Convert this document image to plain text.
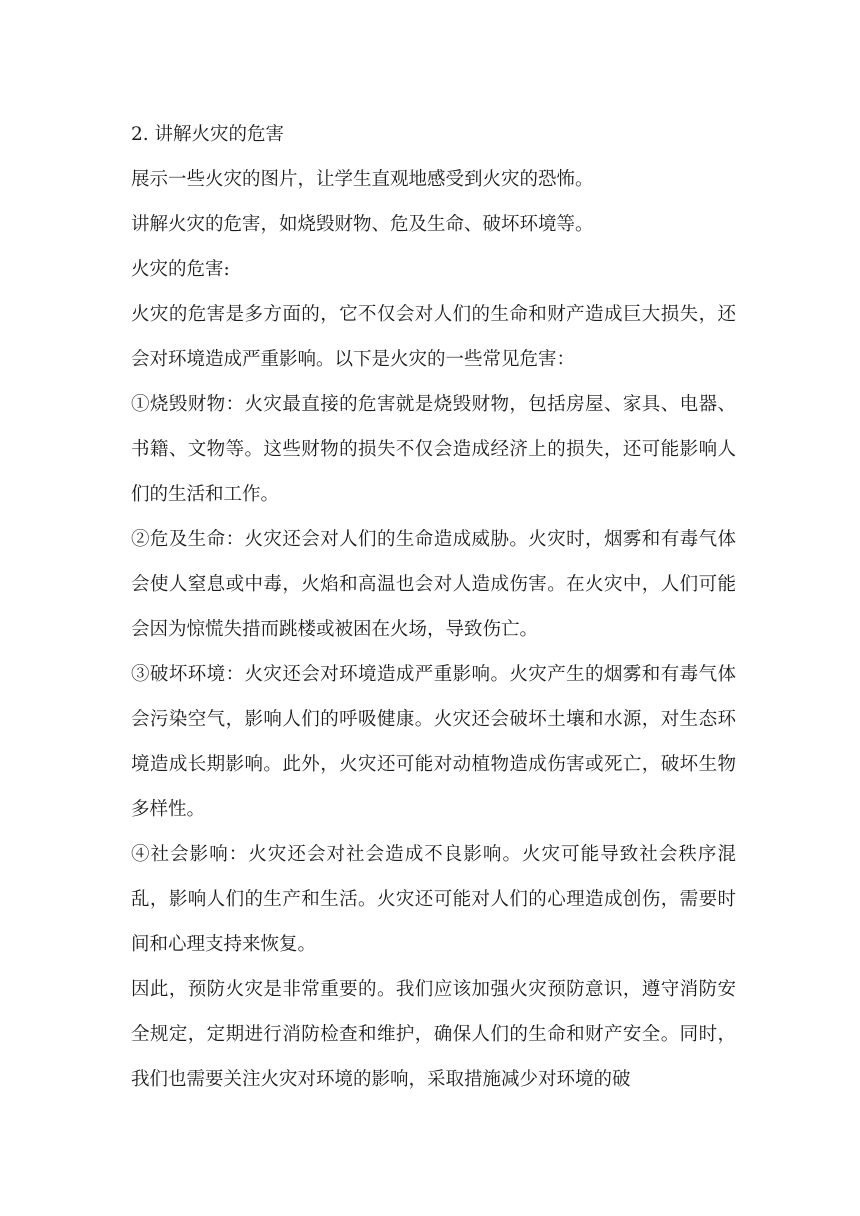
2. 讲解火灾的危害

展示一些火灾的图片，让学生直观地感受到火灾的恐怖。

讲解火灾的危害，如烧毁财物、危及生命、破坏环境等。

火灾的危害:

火灾的危害是多方面的，它不仅会对人们的生命和财产造成巨大损失，还会对环境造成严重影响。以下是火灾的一些常见危害：

①烧毁财物：火灾最直接的危害就是烧毁财物，包括房屋、家具、电器、书籍、文物等。这些财物的损失不仅会造成经济上的损失，还可能影响人们的生活和工作。

②危及生命：火灾还会对人们的生命造成威胁。火灾时，烟雾和有毒气体会使人窒息或中毒，火焰和高温也会对人造成伤害。在火灾中，人们可能会因为惊慌失措而跳楼或被困在火场，导致伤亡。

③破坏环境：火灾还会对环境造成严重影响。火灾产生的烟雾和有毒气体会污染空气，影响人们的呼吸健康。火灾还会破坏土壤和水源，对生态环境造成长期影响。此外，火灾还可能对动植物造成伤害或死亡，破坏生物多样性。

④社会影响：火灾还会对社会造成不良影响。火灾可能导致社会秩序混乱，影响人们的生产和生活。火灾还可能对人们的心理造成创伤，需要时间和心理支持来恢复。

因此，预防火灾是非常重要的。我们应该加强火灾预防意识，遵守消防安全规定，定期进行消防检查和维护，确保人们的生命和财产安全。同时，我们也需要关注火灾对环境的影响，采取措施减少对环境的破
